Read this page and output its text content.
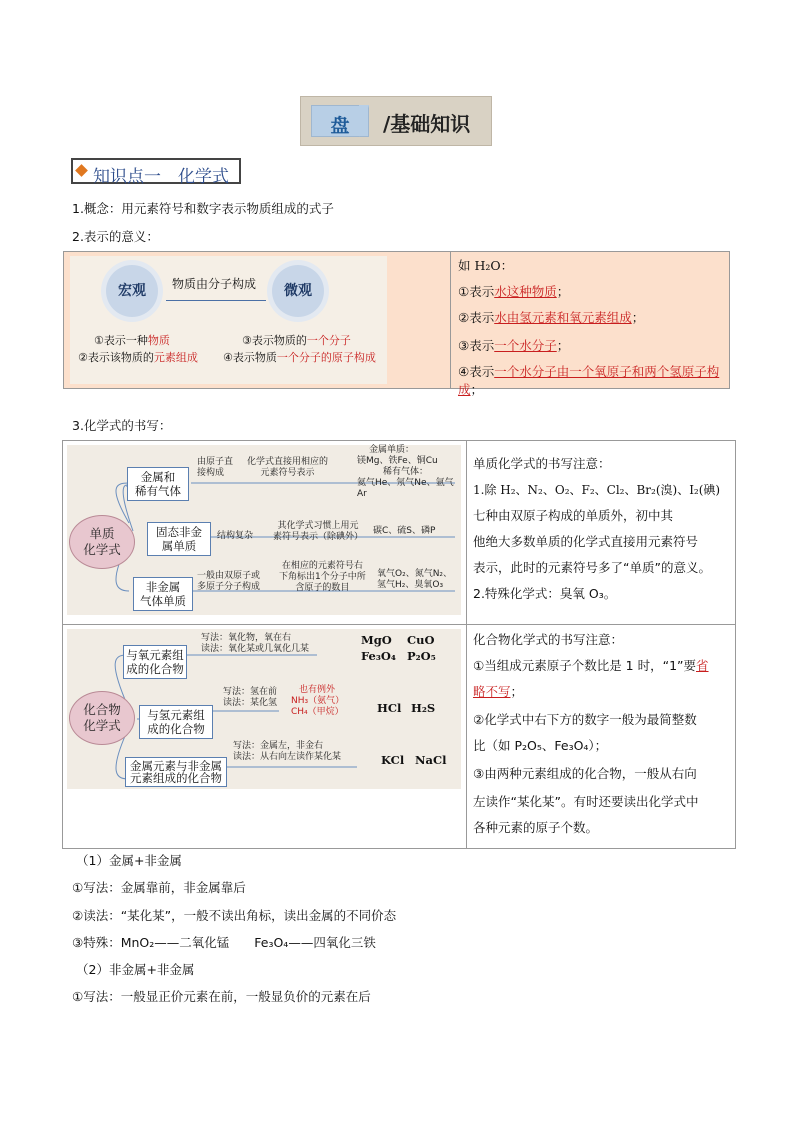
盘	/基础知识
知识点一　化学式
1.概念：用元素符号和数字表示物质组成的式子
2.表示的意义：
宏观	微观
物质由分子构成
①表示一种物质
②表示该物质的元素组成
③表示物质的一个分子
④表示物质一个分子的原子构成
如 H₂O：
①表示水这种物质；
②表示水由氢元素和氧元素组成；
③表示一个水分子；
④表示一个水分子由一个氧原子和两个氢原子构成；
3.化学式的书写：
单质
化学式
金属和
稀有气体
由原子直
接构成
化学式直接用相应的
元素符号表示
金属单质：
镁Mg、铁Fe、铜Cu
稀有气体：
氦气He、氖气Ne、氩气Ar
固态非金
属单质
结构复杂
其化学式习惯上用元
素符号表示（除碘外）
碳C、硫S、磷P
非金属
气体单质
一般由双原子或
多原子分子构成
在相应的元素符号右
下角标出1个分子中所
含原子的数目
氧气O₂、氮气N₂、
氢气H₂、臭氧O₃
单质化学式的书写注意：
1.除 H₂、N₂、O₂、F₂、Cl₂、Br₂(溴)、I₂(碘)
七种由双原子构成的单质外，初中其
他绝大多数单质的化学式直接用元素符号
表示，此时的元素符号多了“单质”的意义。
2.特殊化学式：臭氧 O₃。
化合物
化学式
与氧元素组
成的化合物
写法：氧化物，氧在右
读法：氧化某或几氧化几某
MgO CuO
Fe₃O₄ P₂O₅
与氢元素组
成的化合物
写法：氢在前
读法：某化氢
也有例外
NH₃（氨气）
CH₄（甲烷）	HCl H₂S
金属元素与非金属
元素组成的化合物
写法：金属左，非金右
读法：从右向左读作某化某	KCl NaCl
化合物化学式的书写注意：
①当组成元素原子个数比是 1 时，“1”要省
略不写；
②化学式中右下方的数字一般为最简整数
比（如 P₂O₅、Fe₃O₄）；
③由两种元素组成的化合物，一般从右向
左读作“某化某”。有时还要读出化学式中
各种元素的原子个数。
（1）金属+非金属
①写法：金属靠前，非金属靠后
②读法：“某化某”，一般不读出角标，读出金属的不同价态
③特殊：MnO₂——二氧化锰　　Fe₃O₄——四氧化三铁
（2）非金属+非金属
①写法：一般显正价元素在前，一般显负价的元素在后
